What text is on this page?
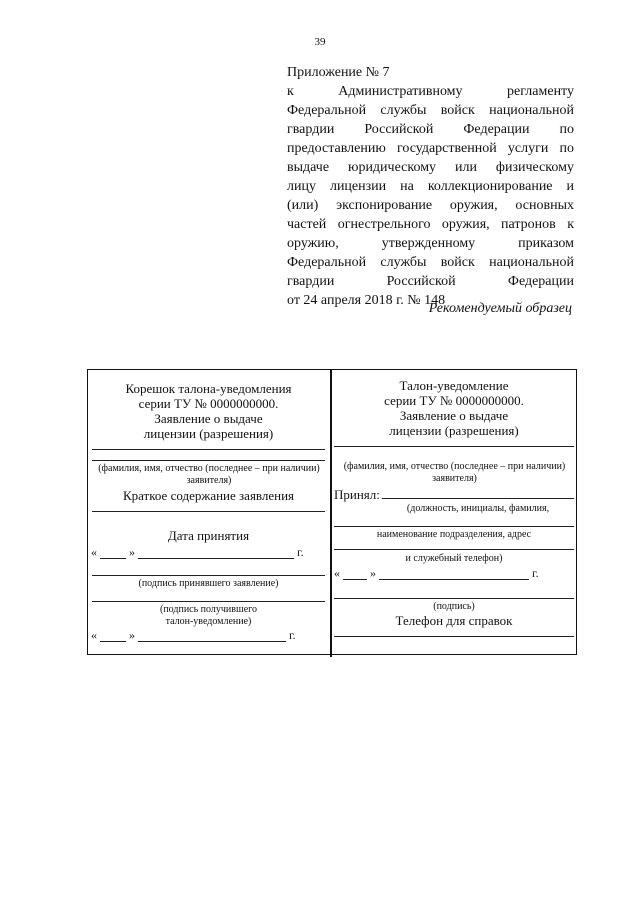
39
Приложение № 7
к Административному регламенту
Федеральной службы войск национальной
гвардии Российской Федерации по
предоставлению государственной услуги по
выдаче юридическому или физическому
лицу лицензии на коллекционирование и
(или) экспонирование оружия, основных
частей огнестрельного оружия, патронов к
оружию, утвержденному приказом
Федеральной службы войск национальной
гвардии Российской Федерации
от 24 апреля 2018 г. № 148
Рекомендуемый образец
Корешок талона-уведомления
серии ТУ № 0000000000.
Заявление о выдаче
лицензии (разрешения)
(фамилия, имя, отчество (последнее – при наличии)
заявителя)
Краткое содержание заявления
Дата принятия
«	»	г.
(подпись принявшего заявление)
(подпись получившего
талон-уведомление)
«	»	г.
Талон-уведомление
серии ТУ № 0000000000.
Заявление о выдаче
лицензии (разрешения)
(фамилия, имя, отчество (последнее – при наличии)
заявителя)
Принял:
(должность, инициалы, фамилия,
наименование подразделения, адрес
и служебный телефон)
«	»	г.
(подпись)
Телефон для справок
